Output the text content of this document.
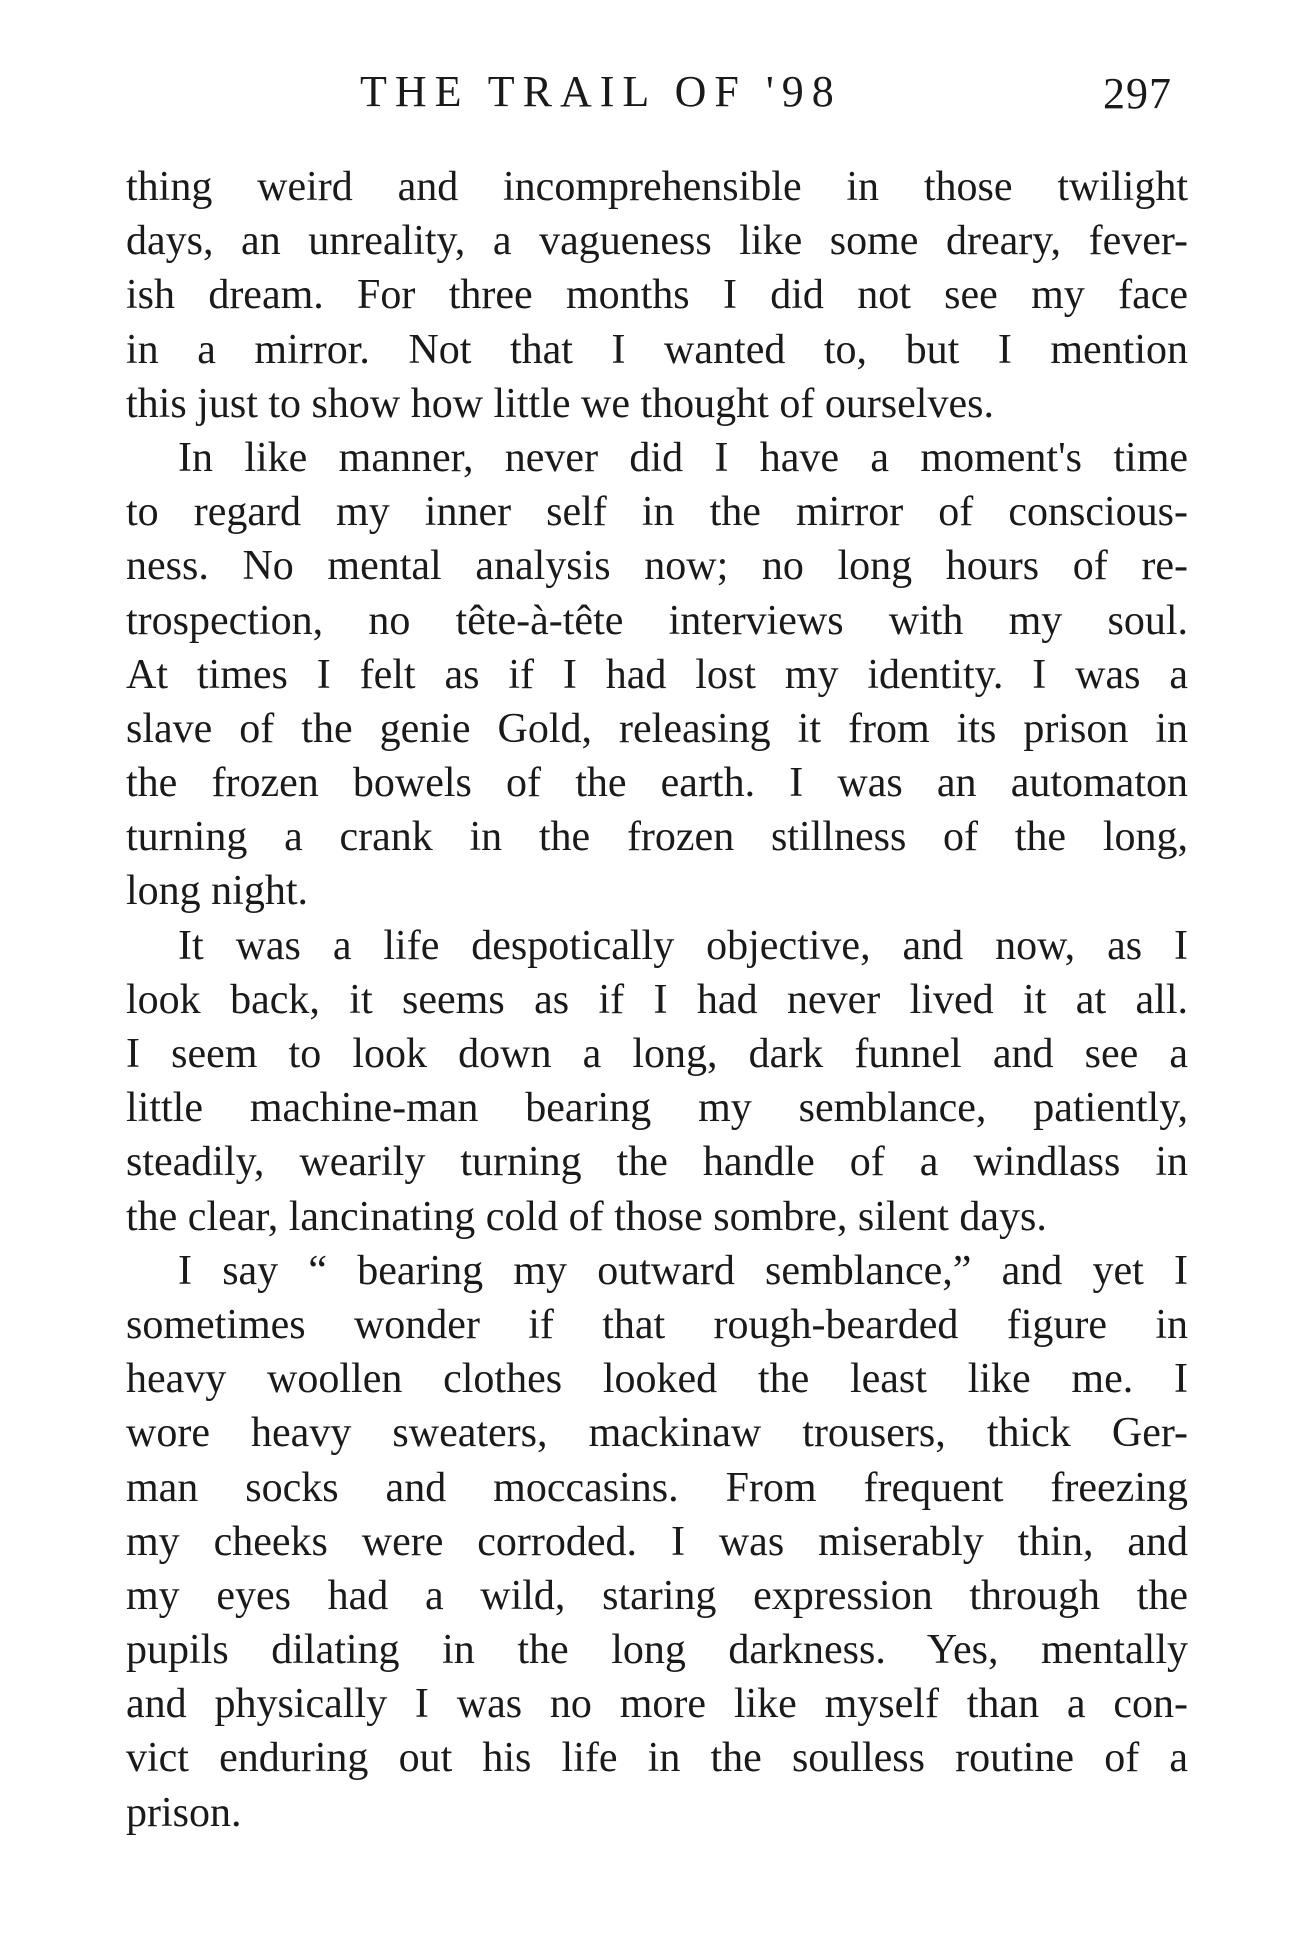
THE TRAIL OF '98	297
thing weird and incomprehensible in those twilight
days, an unreality, a vagueness like some dreary, fever-
ish dream. For three months I did not see my face
in a mirror. Not that I wanted to, but I mention
this just to show how little we thought of ourselves.
In like manner, never did I have a moment's time
to regard my inner self in the mirror of conscious-
ness. No mental analysis now; no long hours of re-
trospection, no tête-à-tête interviews with my soul.
At times I felt as if I had lost my identity. I was a
slave of the genie Gold, releasing it from its prison in
the frozen bowels of the earth. I was an automaton
turning a crank in the frozen stillness of the long,
long night.
It was a life despotically objective, and now, as I
look back, it seems as if I had never lived it at all.
I seem to look down a long, dark funnel and see a
little machine-man bearing my semblance, patiently,
steadily, wearily turning the handle of a windlass in
the clear, lancinating cold of those sombre, silent days.
I say “ bearing my outward semblance,” and yet I
sometimes wonder if that rough-bearded figure in
heavy woollen clothes looked the least like me. I
wore heavy sweaters, mackinaw trousers, thick Ger-
man socks and moccasins. From frequent freezing
my cheeks were corroded. I was miserably thin, and
my eyes had a wild, staring expression through the
pupils dilating in the long darkness. Yes, mentally
and physically I was no more like myself than a con-
vict enduring out his life in the soulless routine of a
prison.
